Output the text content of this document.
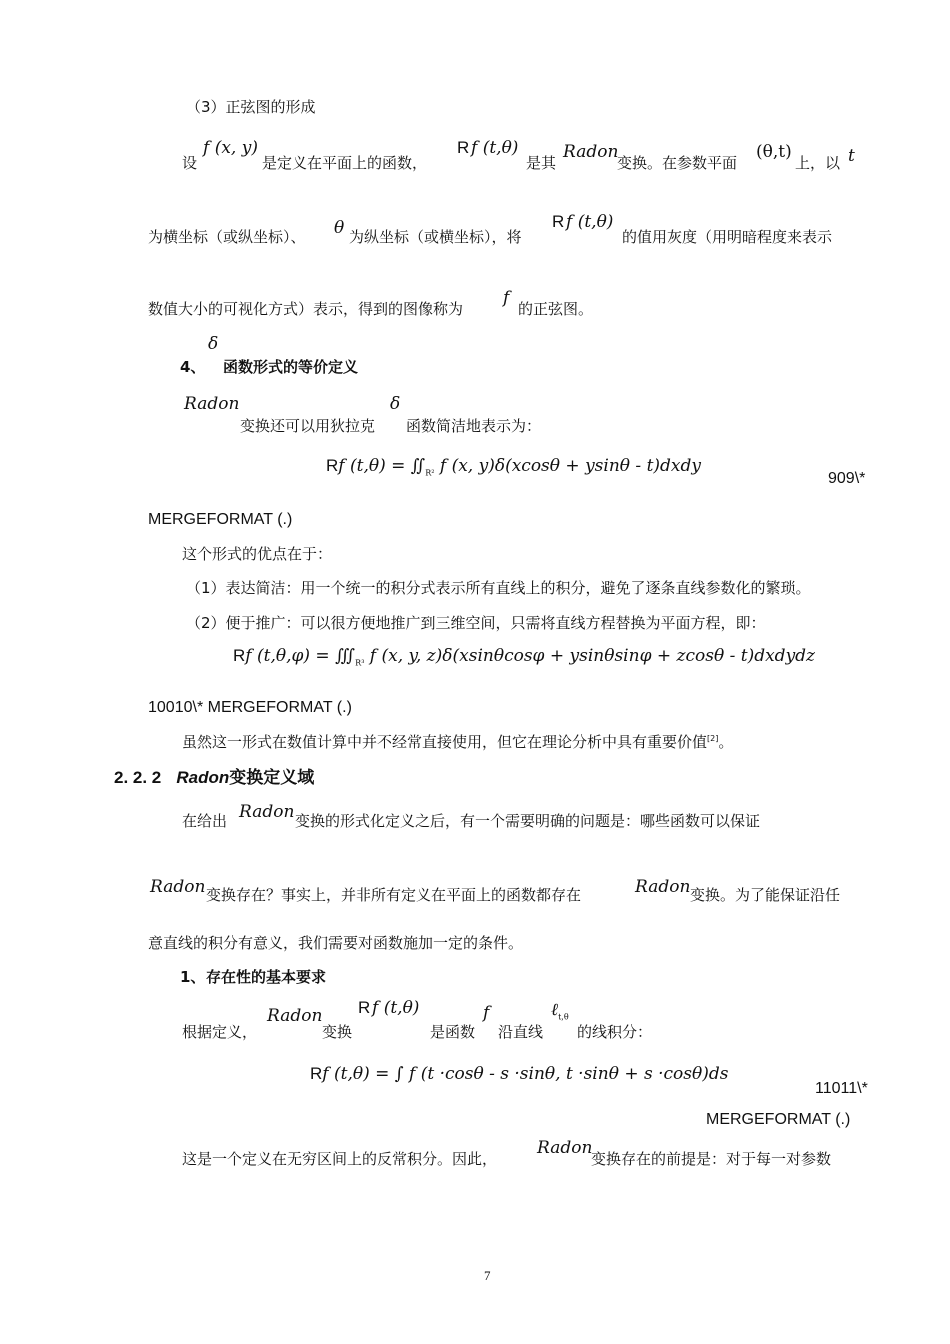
（3）正弦图的形成
设
f (x, y)
是定义在平面上的函数，
R f (t,θ)
是其
Radon
变换。在参数平面
(θ,t)
上，以 t
为横坐标（或纵坐标）、 θ 为纵坐标（或横坐标），将
R f (t,θ)
的值用灰度（用明暗程度来表示
数值大小的可视化方式）表示，得到的图像称为
f
的正弦图。
δ
4、 函数形式的等价定义
Radon	δ
变换还可以用狄拉克 函数简洁地表示为：
Rf $(t,\theta) = ∬_{R^2}$ f (x, y)δ(xcosθ + ysinθ - t)dxdy
909\*
MERGEFORMAT (.)
这个形式的优点在于：
（1）表达简洁：用一个统一的积分式表示所有直线上的积分，避免了逐条直线参数化的繁琐。
（2）便于推广：可以很方便地推广到三维空间，只需将直线方程替换为平面方程，即：
Rf $(t,\theta,\varphi) = ∭_{R^3}$ f (x, y, z)δ(xsinθcosφ + ysinθsinφ + zcosθ - t)dxdydz
10010\* MERGEFORMAT (.)
虽然这一形式在数值计算中并不经常直接使用，但它在理论分析中具有重要价值[2]。
2. 2. 2 Radon变换定义域
在给出 Radon 变换的形式化定义之后，有一个需要明确的问题是：哪些函数可以保证
Radon 变换存在？事实上，并非所有定义在平面上的函数都存在	Radon 变换。为了能保证沿任
意直线的积分有意义，我们需要对函数施加一定的条件。
1、 存在性的基本要求
根据定义，
Radon
变换
R f (t,θ)
是函数
f
沿直线
ℓ$_{t,\theta}$
的线积分：
Rf (t,θ) = ∫ f (t ·cosθ - s ·sinθ, t ·sinθ + s ·cosθ)ds
11011\*
MERGEFORMAT (.)
这是一个定义在无穷区间上的反常积分。因此，
Radon
变换存在的前提是：对于每一对参数
7
